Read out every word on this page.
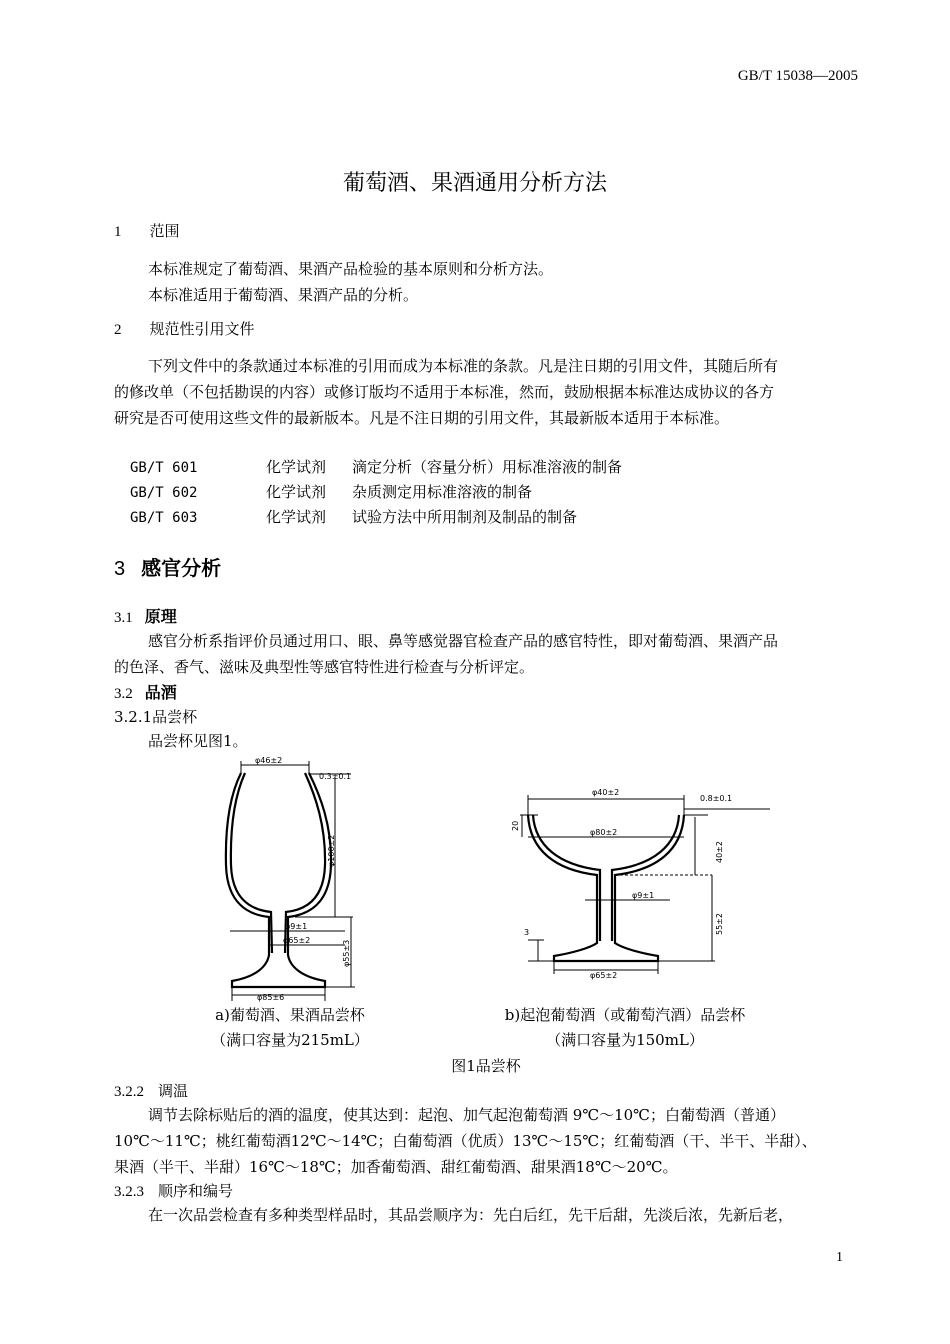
GB/T 15038—2005
葡萄酒、果酒通用分析方法
1 范围
本标准规定了葡萄酒、果酒产品检验的基本原则和分析方法。
本标准适用于葡萄酒、果酒产品的分析。
2 规范性引用文件
下列文件中的条款通过本标准的引用而成为本标准的条款。凡是注日期的引用文件，其随后所有
的修改单（不包括勘误的内容）或修订版均不适用于本标准，然而，鼓励根据本标准达成协议的各方
研究是否可使用这些文件的最新版本。凡是不注日期的引用文件，其最新版本适用于本标准。
GB/T 601	化学试剂 滴定分析（容量分析）用标准溶液的制备
GB/T 602	化学试剂 杂质测定用标准溶液的制备
GB/T 603	化学试剂 试验方法中所用制剂及制品的制备
3 感官分析
3.1 原理
感官分析系指评价员通过用口、眼、鼻等感觉器官检查产品的感官特性，即对葡萄酒、果酒产品
的色泽、香气、滋味及典型性等感官特性进行检查与分析评定。
3.2 品酒
3.2.1品尝杯
品尝杯见图1。
φ46±2
0.3±0.1
φ100±2
φ9±1
φ65±2	φ55±3
φ85±6
φ40±2
0.8±0.1
20
φ80±2
40±2
φ9±1
55±2
3
φ65±2
a)葡萄酒、果酒品尝杯
（满口容量为215mL）
b)起泡葡萄酒（或葡萄汽酒）品尝杯
（满口容量为150mL）
图1品尝杯
3.2.2 调温
调节去除标贴后的酒的温度，使其达到：起泡、加气起泡葡萄酒 9℃～10℃；白葡萄酒（普通）
10℃～11℃；桃红葡萄酒12℃～14℃；白葡萄酒（优质）13℃～15℃；红葡萄酒（干、半干、半甜）、
果酒（半干、半甜）16℃～18℃；加香葡萄酒、甜红葡萄酒、甜果酒18℃～20℃。
3.2.3 顺序和编号
在一次品尝检查有多种类型样品时，其品尝顺序为：先白后红，先干后甜，先淡后浓，先新后老，
1
